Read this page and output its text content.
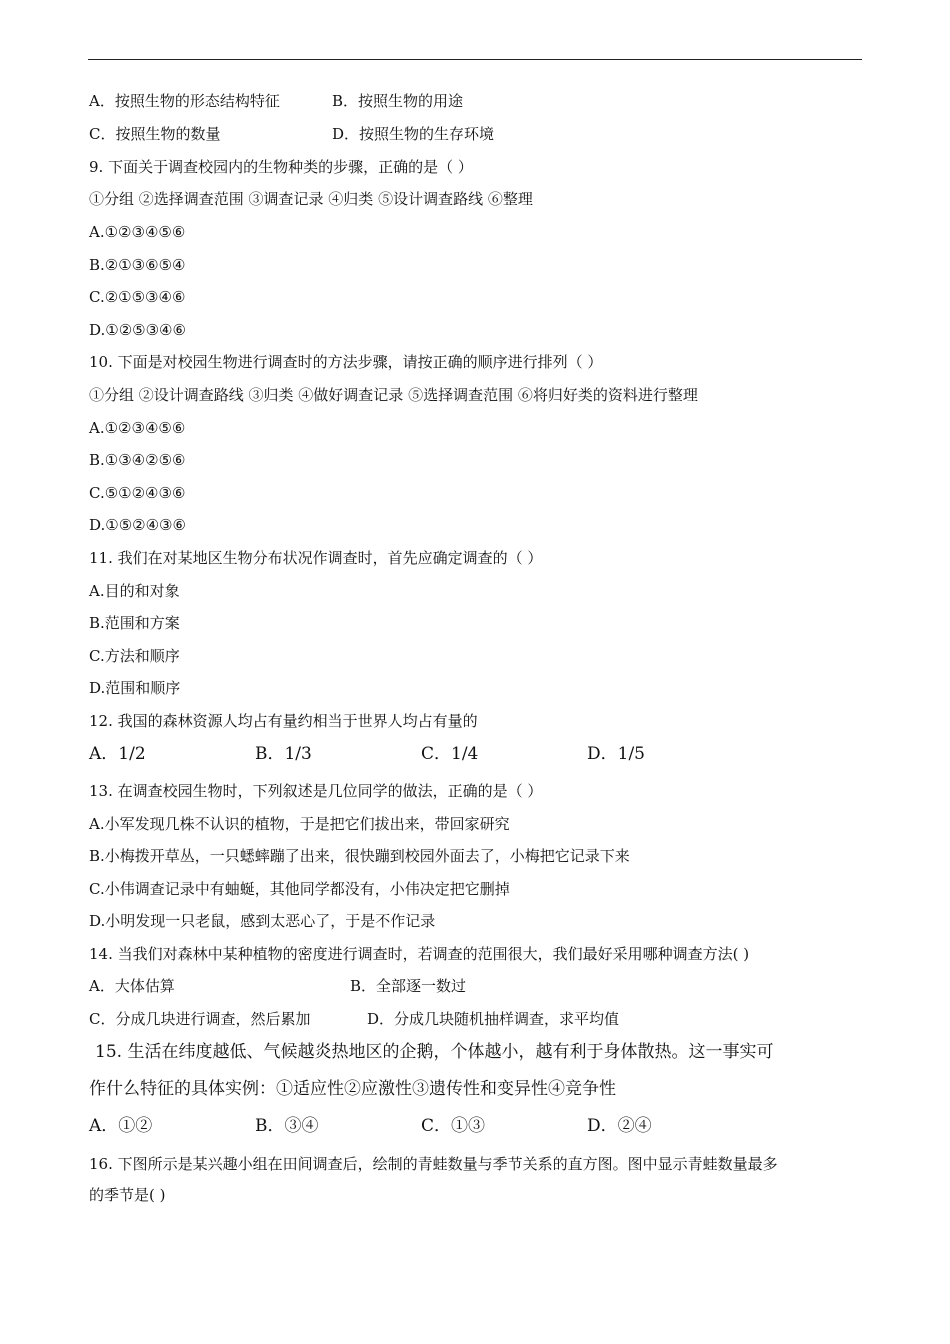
A．按照生物的形态结构特征	B．按照生物的用途
C．按照生物的数量	D．按照生物的生存环境
9. 下面关于调查校园内的生物种类的步骤，正确的是（ ）
①分组 ②选择调查范围 ③调查记录 ④归类 ⑤设计调查路线 ⑥整理
A.①②③④⑤⑥
B.②①③⑥⑤④
C.②①⑤③④⑥
D.①②⑤③④⑥
10. 下面是对校园生物进行调查时的方法步骤，请按正确的顺序进行排列（ ）
①分组 ②设计调查路线 ③归类 ④做好调查记录 ⑤选择调查范围 ⑥将归好类的资料进行整理
A.①②③④⑤⑥
B.①③④②⑤⑥
C.⑤①②④③⑥
D.①⑤②④③⑥
11. 我们在对某地区生物分布状况作调查时，首先应确定调查的（ ）
A.目的和对象
B.范围和方案
C.方法和顺序
D.范围和顺序
12. 我国的森林资源人均占有量约相当于世界人均占有量的
A．1/2	B．1/3	C．1/4	D．1/5
13. 在调查校园生物时，下列叙述是几位同学的做法，正确的是（ ）
A.小军发现几株不认识的植物，于是把它们拔出来，带回家研究
B.小梅拨开草丛，一只蟋蟀蹦了出来，很快蹦到校园外面去了，小梅把它记录下来
C.小伟调查记录中有蚰蜒，其他同学都没有，小伟决定把它删掉
D.小明发现一只老鼠，感到太恶心了，于是不作记录
14. 当我们对森林中某种植物的密度进行调查时，若调查的范围很大，我们最好采用哪种调查方法( )
A．大体估算	B．全部逐一数过
C．分成几块进行调查，然后累加	D．分成几块随机抽样调查，求平均值
15. 生活在纬度越低、气候越炎热地区的企鹅，个体越小，越有利于身体散热。这一事实可
作什么特征的具体实例：①适应性②应激性③遗传性和变异性④竞争性
A．①②	B．③④	C．①③	D．②④
16. 下图所示是某兴趣小组在田间调查后，绘制的青蛙数量与季节关系的直方图。图中显示青蛙数量最多
的季节是( )
